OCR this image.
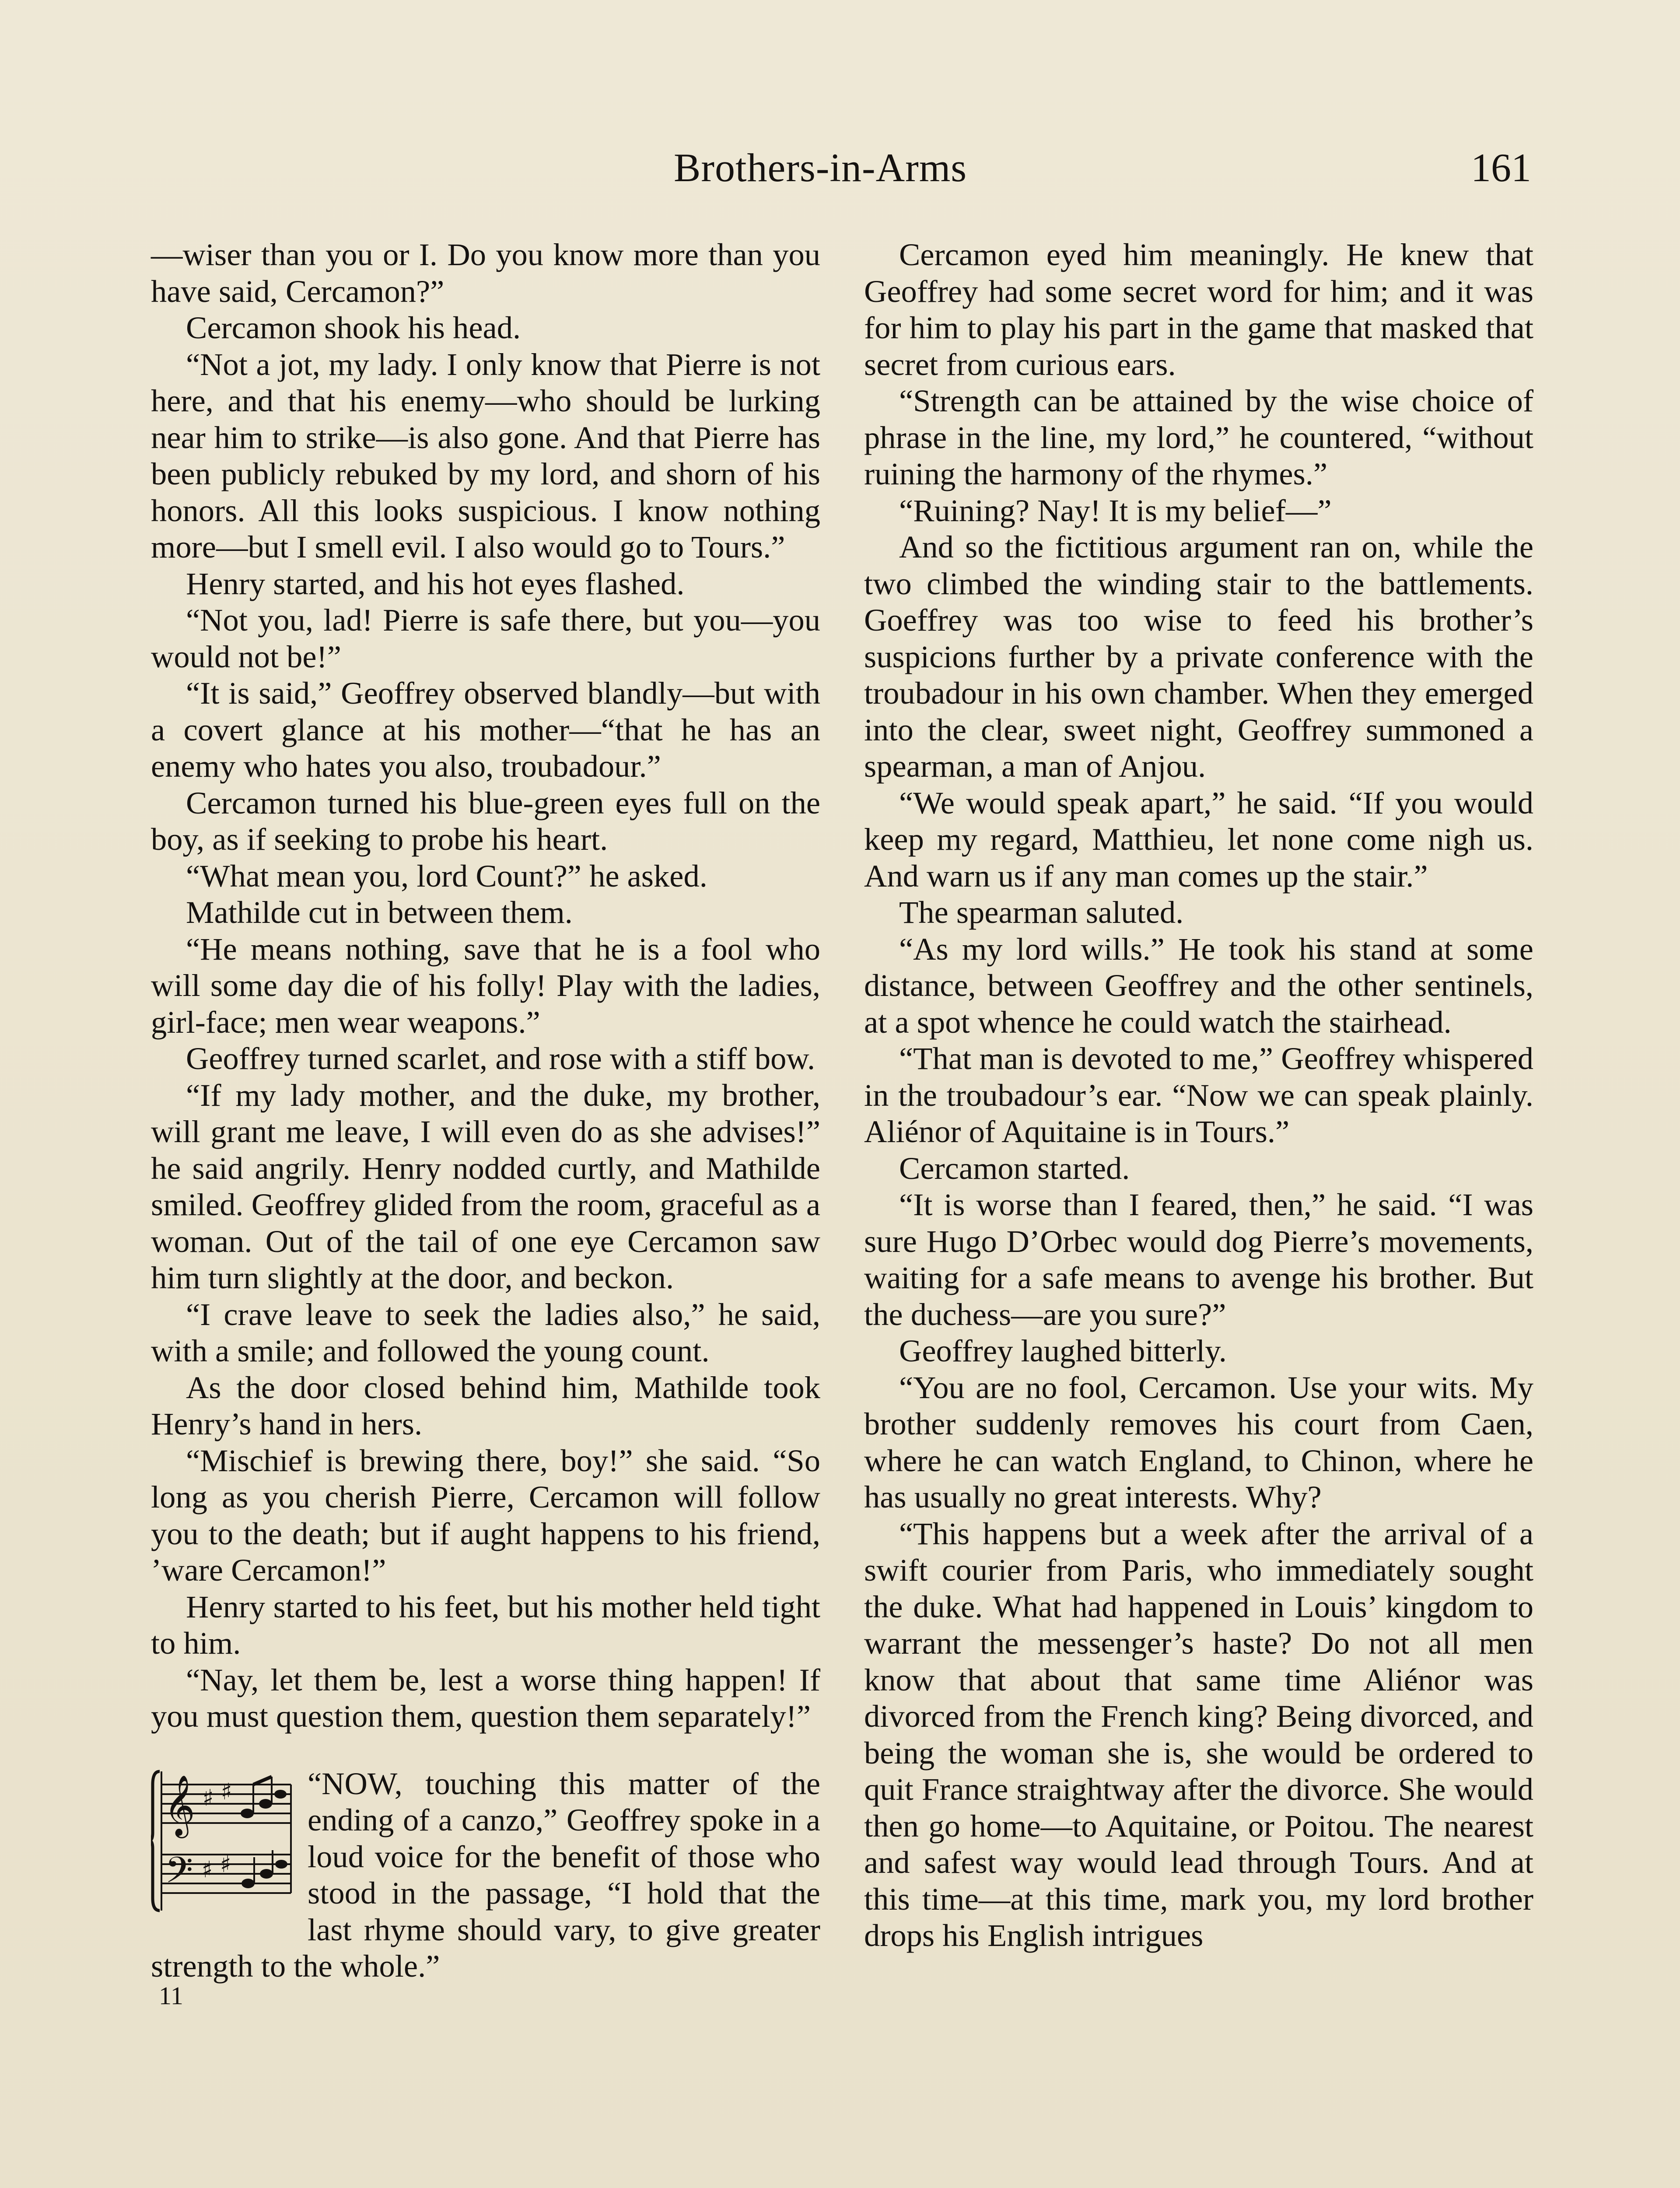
Brothers-in-Arms	161

—wiser than you or I. Do you know more than you have said, Cercamon?”

Cercamon shook his head.

“Not a jot, my lady. I only know that Pierre is not here, and that his enemy—who should be lurking near him to strike—is also gone. And that Pierre has been publicly rebuked by my lord, and shorn of his honors. All this looks suspicious. I know nothing more—but I smell evil. I also would go to Tours.”

Henry started, and his hot eyes flashed.

“Not you, lad! Pierre is safe there, but you—you would not be!”

“It is said,” Geoffrey observed blandly—but with a covert glance at his mother—“that he has an enemy who hates you also, troubadour.”

Cercamon turned his blue-green eyes full on the boy, as if seeking to probe his heart.

“What mean you, lord Count?” he asked.

Mathilde cut in between them.

“He means nothing, save that he is a fool who will some day die of his folly! Play with the ladies, girl-face; men wear weapons.”

Geoffrey turned scarlet, and rose with a stiff bow.

“If my lady mother, and the duke, my brother, will grant me leave, I will even do as she advises!” he said angrily. Henry nodded curtly, and Mathilde smiled. Geoffrey glided from the room, graceful as a woman. Out of the tail of one eye Cercamon saw him turn slightly at the door, and beckon.

“I crave leave to seek the ladies also,” he said, with a smile; and followed the young count.

As the door closed behind him, Mathilde took Henry’s hand in hers.

“Mischief is brewing there, boy!” she said. “So long as you cherish Pierre, Cercamon will follow you to the death; but if aught happens to his friend, ’ware Cercamon!”

Henry started to his feet, but his mother held tight to him.

“Nay, let them be, lest a worse thing happen! If you must question them, question them separately!”

𝄞
𝄢
♯ ♯
♯ ♯

“NOW, touching this matter of the ending of a canzo,” Geoffrey spoke in a loud voice for the benefit of those who stood in the passage, “I hold that the last rhyme should vary, to give greater strength to the whole.”

11

Cercamon eyed him meaningly. He knew that Geoffrey had some secret word for him; and it was for him to play his part in the game that masked that secret from curious ears.

“Strength can be attained by the wise choice of phrase in the line, my lord,” he countered, “without ruining the harmony of the rhymes.”

“Ruining? Nay! It is my belief—”

And so the fictitious argument ran on, while the two climbed the winding stair to the battlements. Goeffrey was too wise to feed his brother’s suspicions further by a private conference with the troubadour in his own chamber. When they emerged into the clear, sweet night, Geoffrey summoned a spearman, a man of Anjou.

“We would speak apart,” he said. “If you would keep my regard, Matthieu, let none come nigh us. And warn us if any man comes up the stair.”

The spearman saluted.

“As my lord wills.” He took his stand at some distance, between Geoffrey and the other sentinels, at a spot whence he could watch the stairhead.

“That man is devoted to me,” Geoffrey whispered in the troubadour’s ear. “Now we can speak plainly. Aliénor of Aquitaine is in Tours.”

Cercamon started.

“It is worse than I feared, then,” he said. “I was sure Hugo D’Orbec would dog Pierre’s movements, waiting for a safe means to avenge his brother. But the duchess—are you sure?”

Geoffrey laughed bitterly.

“You are no fool, Cercamon. Use your wits. My brother suddenly removes his court from Caen, where he can watch England, to Chinon, where he has usually no great interests. Why?

“This happens but a week after the arrival of a swift courier from Paris, who immediately sought the duke. What had happened in Louis’ kingdom to warrant the messenger’s haste? Do not all men know that about that same time Aliénor was divorced from the French king? Being divorced, and being the woman she is, she would be ordered to quit France straightway after the divorce. She would then go home—to Aquitaine, or Poitou. The nearest and safest way would lead through Tours. And at this time—at this time, mark you, my lord brother drops his English intrigues
